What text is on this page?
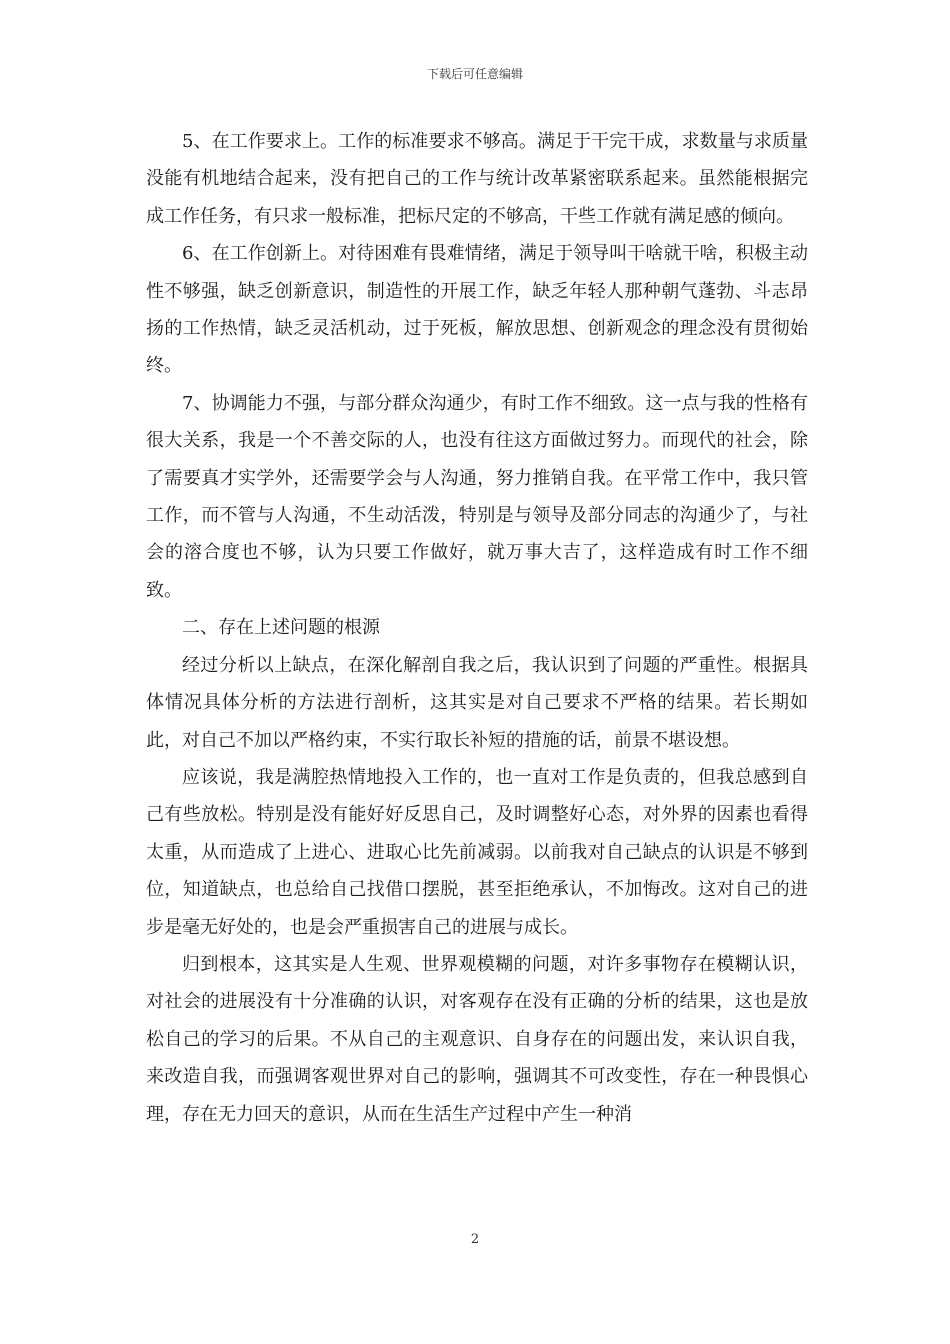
下载后可任意编辑

5、在工作要求上。工作的标准要求不够高。满足于干完干成，求数量与求质量没能有机地结合起来，没有把自己的工作与统计改革紧密联系起来。虽然能根据完成工作任务，有只求一般标准，把标尺定的不够高，干些工作就有满足感的倾向。

6、在工作创新上。对待困难有畏难情绪，满足于领导叫干啥就干啥，积极主动性不够强，缺乏创新意识，制造性的开展工作，缺乏年轻人那种朝气蓬勃、斗志昂扬的工作热情，缺乏灵活机动，过于死板，解放思想、创新观念的理念没有贯彻始终。

7、协调能力不强，与部分群众沟通少，有时工作不细致。这一点与我的性格有很大关系，我是一个不善交际的人，也没有往这方面做过努力。而现代的社会，除了需要真才实学外，还需要学会与人沟通，努力推销自我。在平常工作中，我只管工作，而不管与人沟通，不生动活泼，特别是与领导及部分同志的沟通少了，与社会的溶合度也不够，认为只要工作做好，就万事大吉了，这样造成有时工作不细致。

二、存在上述问题的根源

经过分析以上缺点，在深化解剖自我之后，我认识到了问题的严重性。根据具体情况具体分析的方法进行剖析，这其实是对自己要求不严格的结果。若长期如此，对自己不加以严格约束，不实行取长补短的措施的话，前景不堪设想。

应该说，我是满腔热情地投入工作的，也一直对工作是负责的，但我总感到自己有些放松。特别是没有能好好反思自己，及时调整好心态，对外界的因素也看得太重，从而造成了上进心、进取心比先前减弱。以前我对自己缺点的认识是不够到位，知道缺点，也总给自己找借口摆脱，甚至拒绝承认，不加悔改。这对自己的进步是毫无好处的，也是会严重损害自己的进展与成长。

归到根本，这其实是人生观、世界观模糊的问题，对许多事物存在模糊认识，对社会的进展没有十分准确的认识，对客观存在没有正确的分析的结果，这也是放松自己的学习的后果。不从自己的主观意识、自身存在的问题出发，来认识自我，来改造自我，而强调客观世界对自己的影响，强调其不可改变性，存在一种畏惧心理，存在无力回天的意识，从而在生活生产过程中产生一种消

2
